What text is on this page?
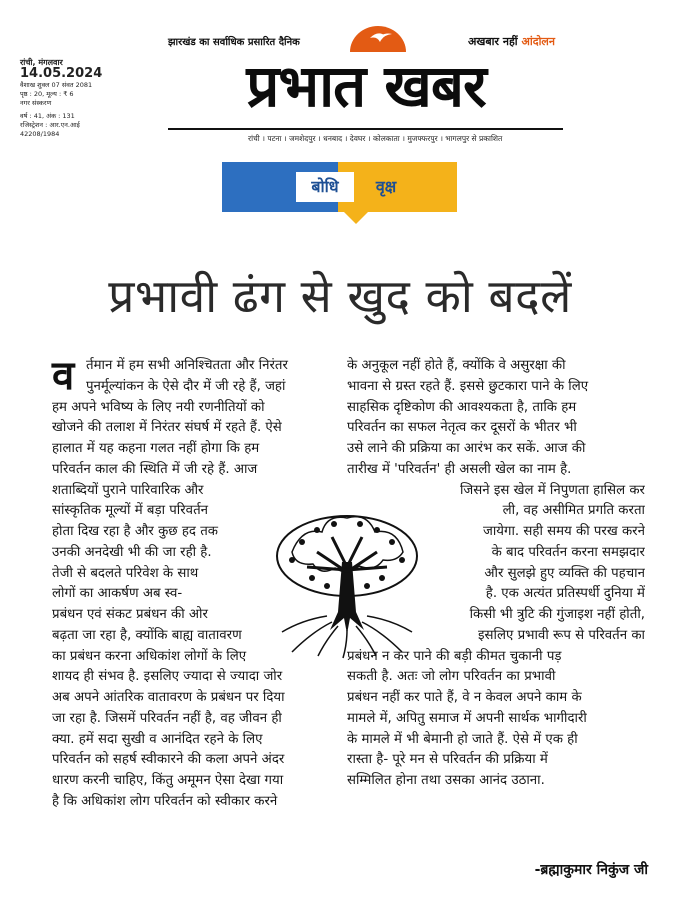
झारखंड का सर्वाधिक प्रसारित दैनिक	अखबार नहीं आंदोलन
प्रभात खबर
रांची । पटना । जमशेदपुर । धनबाद । देवघर । कोलकाता । मुजफ्फरपुर । भागलपुर से प्रकाशित
रांची, मंगलवार
14.05.2024
वैशाख शुक्ल 07 संवत 2081
पृष्ठ : 20, मूल्य : ₹ 6
नगर संस्करण
वर्ष : 41, अंक : 131
रजिस्ट्रेशन : आर.एन.आई 42208/1984
बोधि	वृक्ष
प्रभावी ढंग से खुद को बदलें
व र्तमान में हम सभी अनिश्चितता और निरंतर
पुनर्मूल्यांकन के ऐसे दौर में जी रहे हैं, जहां
हम अपने भविष्य के लिए नयी रणनीतियों को
खोजने की तलाश में निरंतर संघर्ष में रहते हैं. ऐसे
हालात में यह कहना गलत नहीं होगा कि हम
परिवर्तन काल की स्थिति में जी रहे हैं. आज
शताब्दियों पुराने पारिवारिक और
सांस्कृतिक मूल्यों में बड़ा परिवर्तन
होता दिख रहा है और कुछ हद तक
उनकी अनदेखी भी की जा रही है.
तेजी से बदलते परिवेश के साथ
लोगों का आकर्षण अब स्व-
प्रबंधन एवं संकट प्रबंधन की ओर
बढ़ता जा रहा है, क्योंकि बाह्य वातावरण
का प्रबंधन करना अधिकांश लोगों के लिए
शायद ही संभव है. इसलिए ज्यादा से ज्यादा जोर
अब अपने आंतरिक वातावरण के प्रबंधन पर दिया
जा रहा है. जिसमें परिवर्तन नहीं है, वह जीवन ही
क्या. हमें सदा सुखी व आनंदित रहने के लिए
परिवर्तन को सहर्ष स्वीकारने की कला अपने अंदर
धारण करनी चाहिए, किंतु अमूमन ऐसा देखा गया
है कि अधिकांश लोग परिवर्तन को स्वीकार करने
के अनुकूल नहीं होते हैं, क्योंकि वे असुरक्षा की
भावना से ग्रस्त रहते हैं. इससे छुटकारा पाने के लिए
साहसिक दृष्टिकोण की आवश्यकता है, ताकि हम
परिवर्तन का सफल नेतृत्व कर दूसरों के भीतर भी
उसे लाने की प्रक्रिया का आरंभ कर सकें. आज की
तारीख में 'परिवर्तन' ही असली खेल का नाम है.
जिसने इस खेल में निपुणता हासिल कर
ली, वह असीमित प्रगति करता
जायेगा. सही समय की परख करने
के बाद परिवर्तन करना समझदार
और सुलझे हुए व्यक्ति की पहचान
है. एक अत्यंत प्रतिस्पर्धी दुनिया में
किसी भी त्रुटि की गुंजाइश नहीं होती,
इसलिए प्रभावी रूप से परिवर्तन का
प्रबंधन न कर पाने की बड़ी कीमत चुकानी पड़
सकती है. अतः जो लोग परिवर्तन का प्रभावी
प्रबंधन नहीं कर पाते हैं, वे न केवल अपने काम के
मामले में, अपितु समाज में अपनी सार्थक भागीदारी
के मामले में भी बेमानी हो जाते हैं. ऐसे में एक ही
रास्ता है- पूरे मन से परिवर्तन की प्रक्रिया में
सम्मिलित होना तथा उसका आनंद उठाना.
-ब्रह्माकुमार निकुंज जी
